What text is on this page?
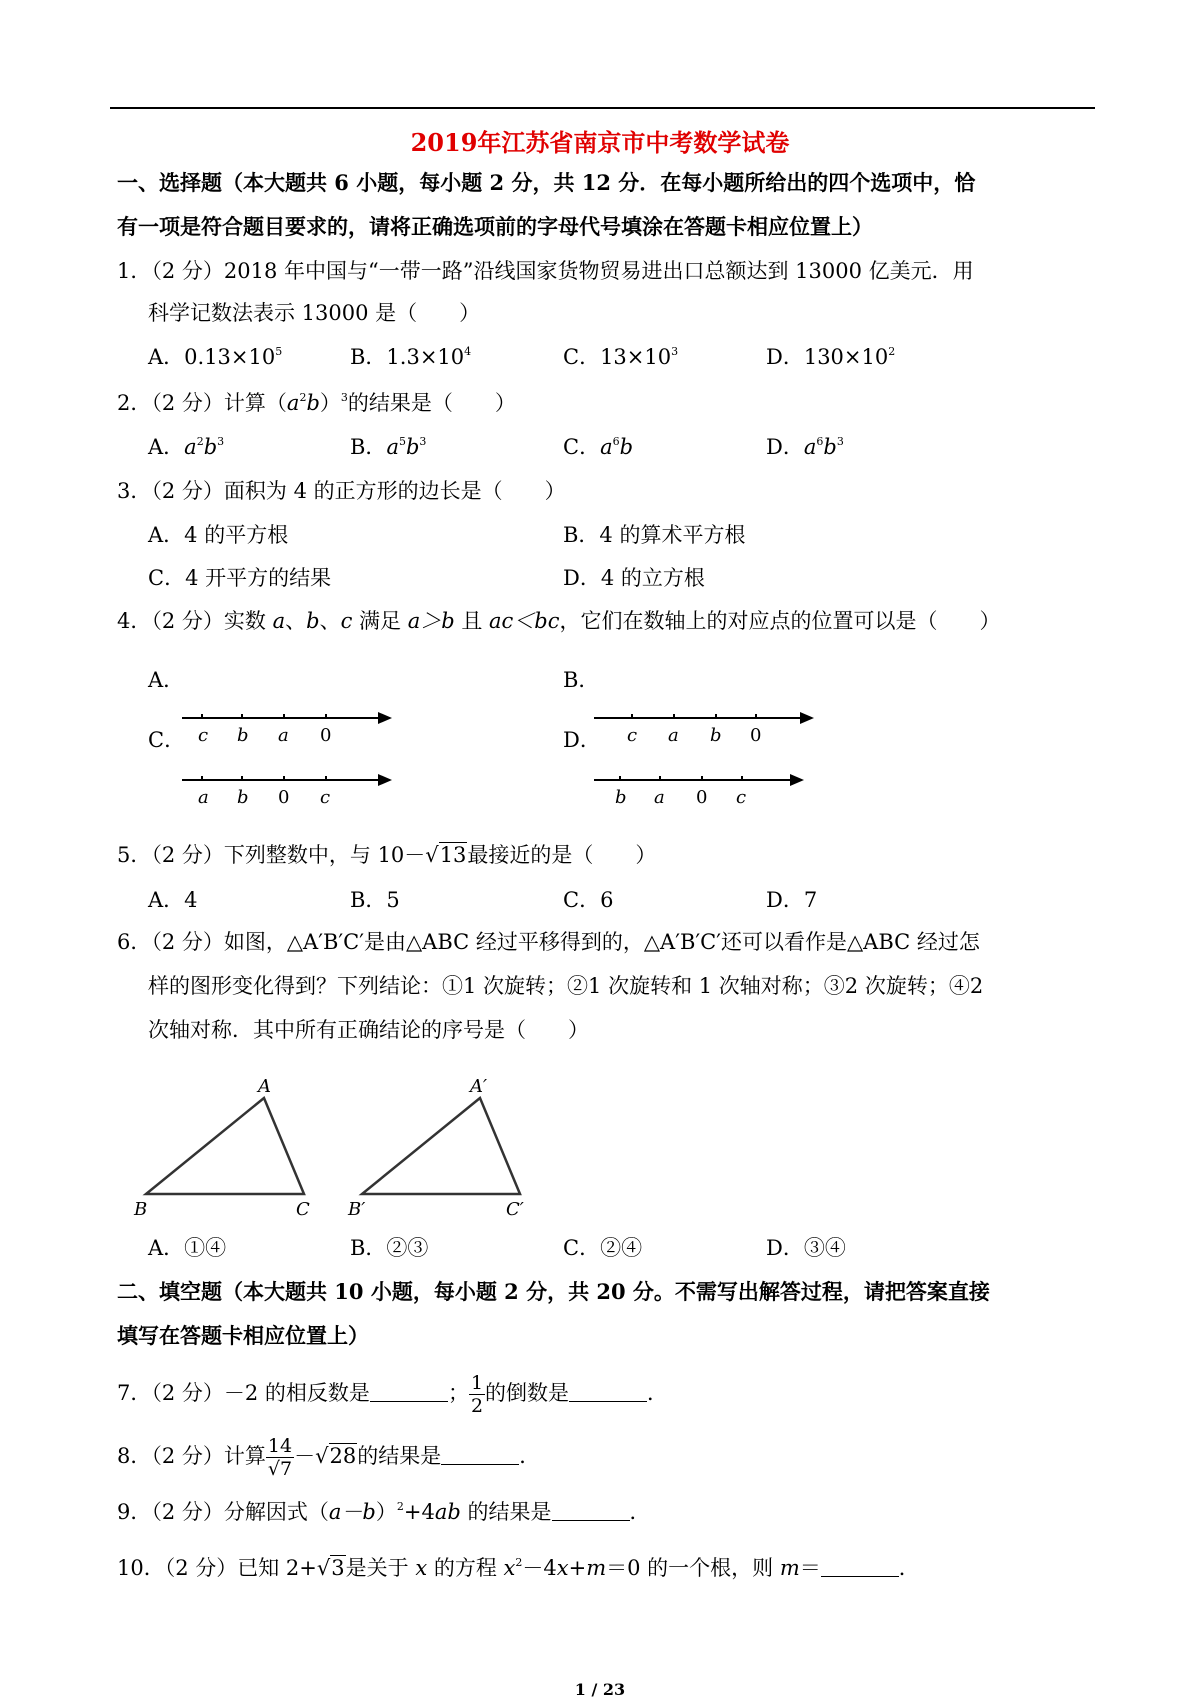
2019年江苏省南京市中考数学试卷
一、选择题（本大题共 6 小题，每小题 2 分，共 12 分．在每小题所给出的四个选项中，恰
有一项是符合题目要求的，请将正确选项前的字母代号填涂在答题卡相应位置上）
1．（2 分）2018 年中国与“一带一路”沿线国家货物贸易进出口总额达到 13000 亿美元．用
科学记数法表示 13000 是（　　）
A．$0.13\times 10^5$	B．$1.3\times 10^4$	C．$13\times 10^3$	D．$130\times 10^2$
2．（2 分）计算$(a^2b)^3$的结果是（　　）
A．$a^2b^3$	B．$a^5b^3$	C．$a^6b$	D．$a^6b^3$
3．（2 分）面积为 4 的正方形的边长是（　　）
A．4 的平方根	B．4 的算术平方根
C．4 开平方的结果	D．4 的立方根
4．（2 分）实数 a、b、c 满足 a＞b 且 ac＜bc，它们在数轴上的对应点的位置可以是（　　）
A．
c b a 0
B．
c a b 0
C．
a b 0 c
D．
b a 0 c
5．（2 分）下列整数中，与 10－√13最接近的是（　　）
A．4	B．5	C．6	D．7
6．（2 分）如图，△A′B′C′是由△ABC 经过平移得到的，△A′B′C′还可以看作是△ABC 经过怎
样的图形变化得到？下列结论：①1 次旋转；②1 次旋转和 1 次轴对称；③2 次旋转；④2
次轴对称．其中所有正确结论的序号是（　　）
A
B	C
A′
B′	C′
A．①④	B．②③	C．②④	D．③④
二、填空题（本大题共 10 小题，每小题 2 分，共 20 分。不需写出解答过程，请把答案直接
填写在答题卡相应位置上）
7．（2 分）－2 的相反数是	； $\frac{1}{2}$ 的倒数是	．
8．（2 分）计算 $\frac{14}{√7} -√28$的结果是	．
9．（2 分）分解因式$(a-b)^2+4ab$ 的结果是	．
10．（2 分）已知 2+√3是关于 x 的方程 $x^2-4x+m=0$ 的一个根，则 m＝	．
1 / 23
